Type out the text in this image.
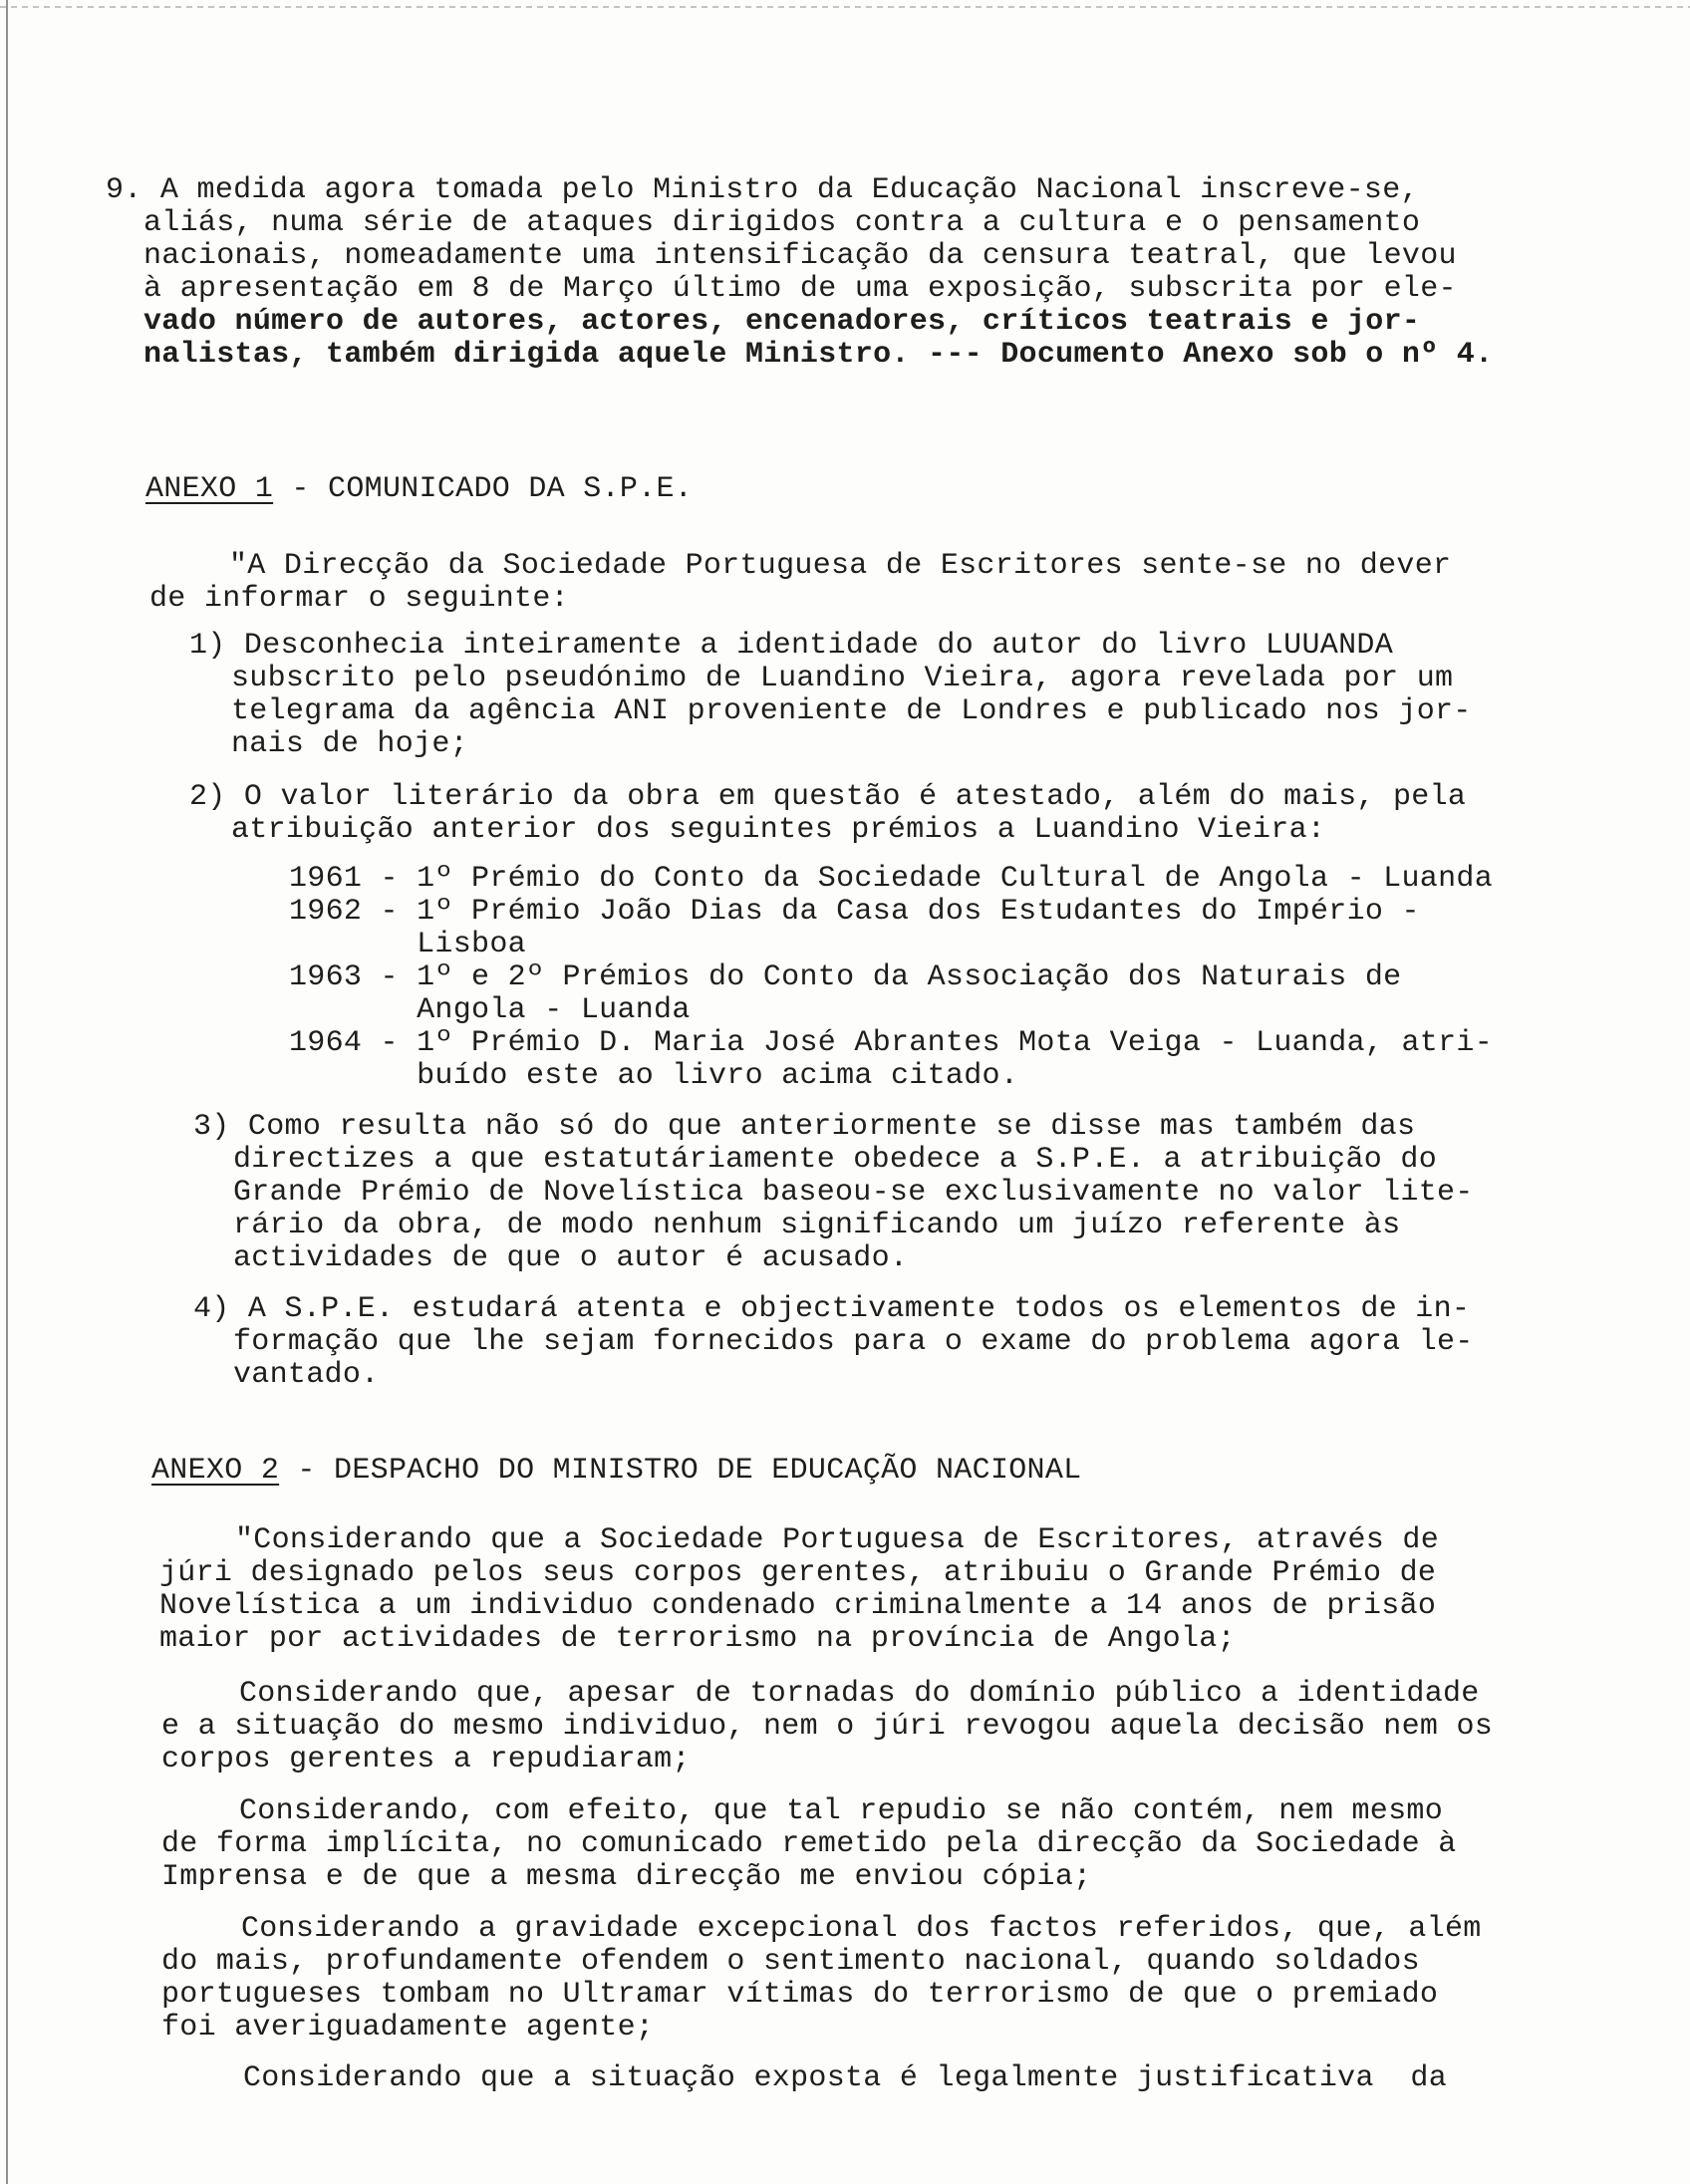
9. A medida agora tomada pelo Ministro da Educação Nacional inscreve-se,
aliás, numa série de ataques dirigidos contra a cultura e o pensamento
nacionais, nomeadamente uma intensificação da censura teatral, que levou
à apresentação em 8 de Março último de uma exposição, subscrita por ele-
vado número de autores, actores, encenadores, críticos teatrais e jor-
nalistas, também dirigida aquele Ministro. --- Documento Anexo sob o nº 4.
ANEXO 1 - COMUNICADO DA S.P.E.
"A Direcção da Sociedade Portuguesa de Escritores sente-se no dever
de informar o seguinte:
1) Desconhecia inteiramente a identidade do autor do livro LUUANDA
subscrito pelo pseudónimo de Luandino Vieira, agora revelada por um
telegrama da agência ANI proveniente de Londres e publicado nos jor-
nais de hoje;
2) O valor literário da obra em questão é atestado, além do mais, pela
atribuição anterior dos seguintes prémios a Luandino Vieira:
1961 - 1º Prémio do Conto da Sociedade Cultural de Angola - Luanda
1962 - 1º Prémio João Dias da Casa dos Estudantes do Império -
Lisboa
1963 - 1º e 2º Prémios do Conto da Associação dos Naturais de
Angola - Luanda
1964 - 1º Prémio D. Maria José Abrantes Mota Veiga - Luanda, atri-
buído este ao livro acima citado.
3) Como resulta não só do que anteriormente se disse mas também das
directizes a que estatutáriamente obedece a S.P.E. a atribuição do
Grande Prémio de Novelística baseou-se exclusivamente no valor lite-
rário da obra, de modo nenhum significando um juízo referente às
actividades de que o autor é acusado.
4) A S.P.E. estudará atenta e objectivamente todos os elementos de in-
formação que lhe sejam fornecidos para o exame do problema agora le-
vantado.
ANEXO 2 - DESPACHO DO MINISTRO DE EDUCAÇÃO NACIONAL
"Considerando que a Sociedade Portuguesa de Escritores, através de
júri designado pelos seus corpos gerentes, atribuiu o Grande Prémio de
Novelística a um individuo condenado criminalmente a 14 anos de prisão
maior por actividades de terrorismo na província de Angola;
Considerando que, apesar de tornadas do domínio público a identidade
e a situação do mesmo individuo, nem o júri revogou aquela decisão nem os
corpos gerentes a repudiaram;
Considerando, com efeito, que tal repudio se não contém, nem mesmo
de forma implícita, no comunicado remetido pela direcção da Sociedade à
Imprensa e de que a mesma direcção me enviou cópia;
Considerando a gravidade excepcional dos factos referidos, que, além
do mais, profundamente ofendem o sentimento nacional, quando soldados
portugueses tombam no Ultramar vítimas do terrorismo de que o premiado
foi averiguadamente agente;
Considerando que a situação exposta é legalmente justificativa  da
